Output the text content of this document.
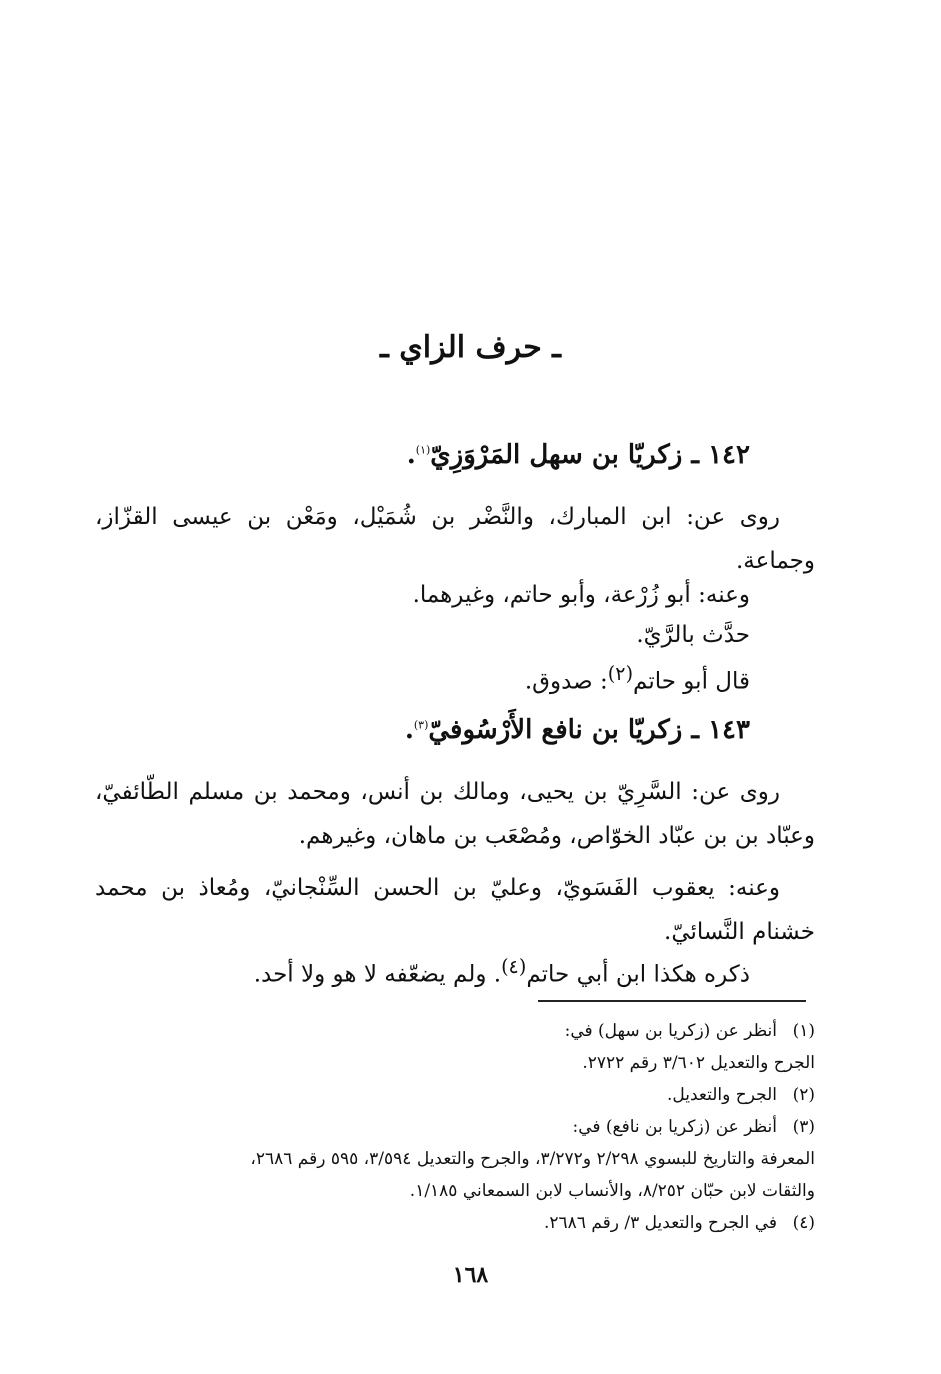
ـ حرف الزاي ـ
١٤٢ ـ زكريّا بن سهل المَرْوَزِيّ$^{(١)}$.
روى عن: ابن المبارك، والنَّضْر بن شُمَيْل، ومَعْن بن عيسى القزّاز، وجماعة.
وعنه: أبو زُرْعة، وأبو حاتم، وغيرهما.
حدَّث بالرَّيّ.
قال أبو حاتم$^{(٢)}$: صدوق.
١٤٣ ـ زكريّا بن نافع الأَرْسُوفيّ$^{(٣)}$.
روى عن: السَّرِيّ بن يحيى، ومالك بن أنس، ومحمد بن مسلم الطّائفيّ، وعبّاد بن بن عبّاد الخوّاص، ومُصْعَب بن ماهان، وغيرهم.
وعنه: يعقوب الفَسَويّ، وعليّ بن الحسن السِّنْجانيّ، ومُعاذ بن محمد خشنام النَّسائيّ.
ذكره هكذا ابن أبي حاتم$^{(٤)}$. ولم يضعّفه لا هو ولا أحد.
(١)
أنظر عن (زكريا بن سهل) في:
الجرح والتعديل ٣/٦٠٢ رقم ٢٧٢٢.
(٢)
الجرح والتعديل.
(٣)
أنظر عن (زكريا بن نافع) في:
المعرفة والتاريخ للبسوي ٢/٢٩٨ و٣/٢٧٢، والجرح والتعديل ٣/٥٩٤، ٥٩٥ رقم ٢٦٨٦،
والثقات لابن حبّان ٨/٢٥٢، والأنساب لابن السمعاني ١/١٨٥.
(٤)
في الجرح والتعديل ٣/ رقم ٢٦٨٦.
١٦٨
